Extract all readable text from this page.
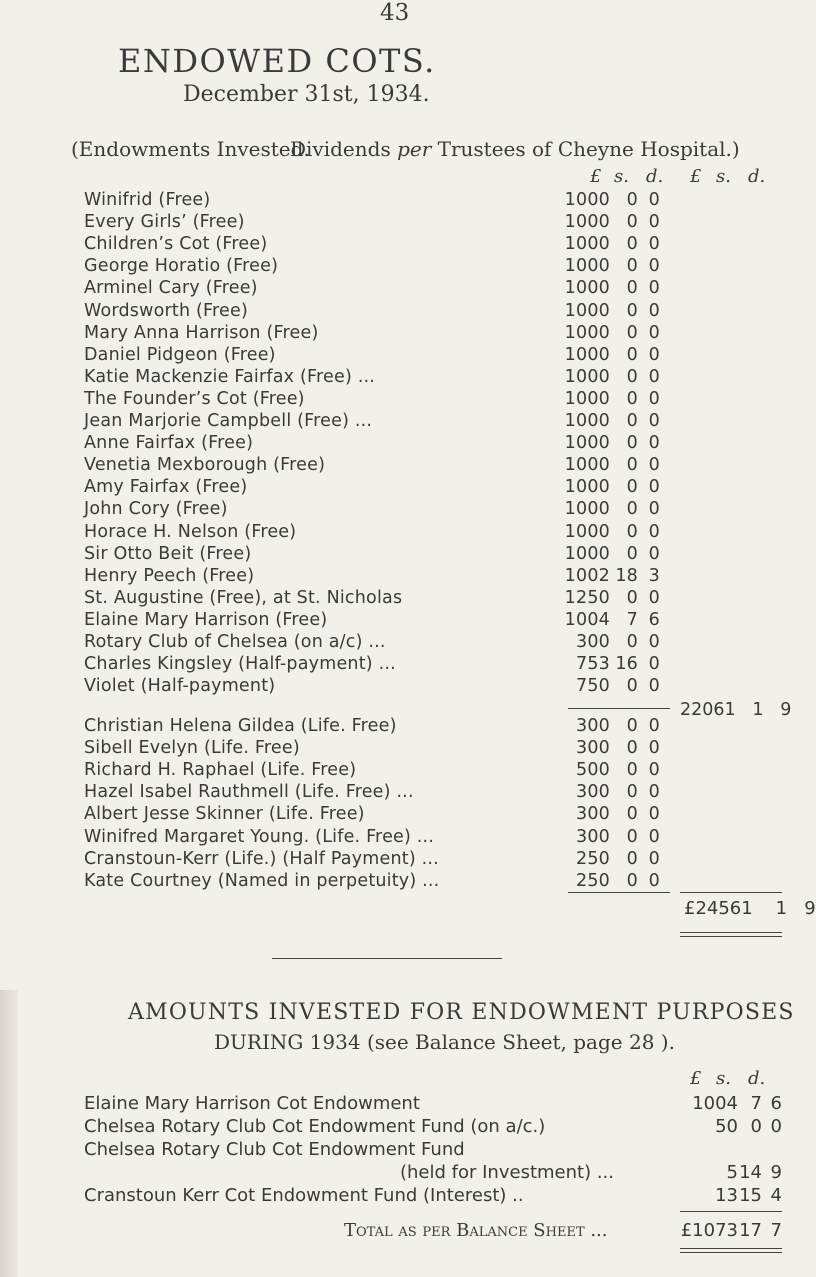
43
ENDOWED COTS.
December 31st, 1934.
(Endowments Invested.
Dividends per Trustees of Cheyne Hospital.)
£ s. d. £ s. d.
Winifrid (Free)	1000 0 0
Every Girls’ (Free)	1000 0 0
Children’s Cot (Free)	1000 0 0
George Horatio (Free)	1000 0 0
Arminel Cary (Free)	1000 0 0
Wordsworth (Free)	1000 0 0
Mary Anna Harrison (Free)	1000 0 0
Daniel Pidgeon (Free)	1000 0 0
Katie Mackenzie Fairfax (Free) ...	1000 0 0
The Founder’s Cot (Free)	1000 0 0
Jean Marjorie Campbell (Free) ...	1000 0 0
Anne Fairfax (Free)	1000 0 0
Venetia Mexborough (Free)	1000 0 0
Amy Fairfax (Free)	1000 0 0
John Cory (Free)	1000 0 0
Horace H. Nelson (Free)	1000 0 0
Sir Otto Beit (Free)	1000 0 0
Henry Peech (Free)	1002 18 3
St. Augustine (Free), at St. Nicholas	1250 0 0
Elaine Mary Harrison (Free)	1004 7 6
Rotary Club of Chelsea (on a/c) ...	300 0 0
Charles Kingsley (Half-payment) ...	753 16 0
Violet (Half-payment)	750 0 0
22061 1 9
Christian Helena Gildea (Life. Free)	300 0 0
Sibell Evelyn (Life. Free)	300 0 0
Richard H. Raphael (Life. Free)	500 0 0
Hazel Isabel Rauthmell (Life. Free) ...	300 0 0
Albert Jesse Skinner (Life. Free)	300 0 0
Winifred Margaret Young. (Life. Free) ...	300 0 0
Cranstoun-Kerr (Life.) (Half Payment) ...	250 0 0
Kate Courtney (Named in perpetuity) ...	250 0 0
£24561 1 9
AMOUNTS INVESTED FOR ENDOWMENT PURPOSES
DURING 1934 (see Balance Sheet, page 28 ).
£ s. d.
Elaine Mary Harrison Cot Endowment	1004 7 6
Chelsea Rotary Club Cot Endowment Fund (on a/c.)	50 0 0
Chelsea Rotary Club Cot Endowment Fund
(held for Investment) ...	5 14 9
Cranstoun Kerr Cot Endowment Fund (Interest) ..	13 15 4
Total as per Balance Sheet ...	£1073 17 7
